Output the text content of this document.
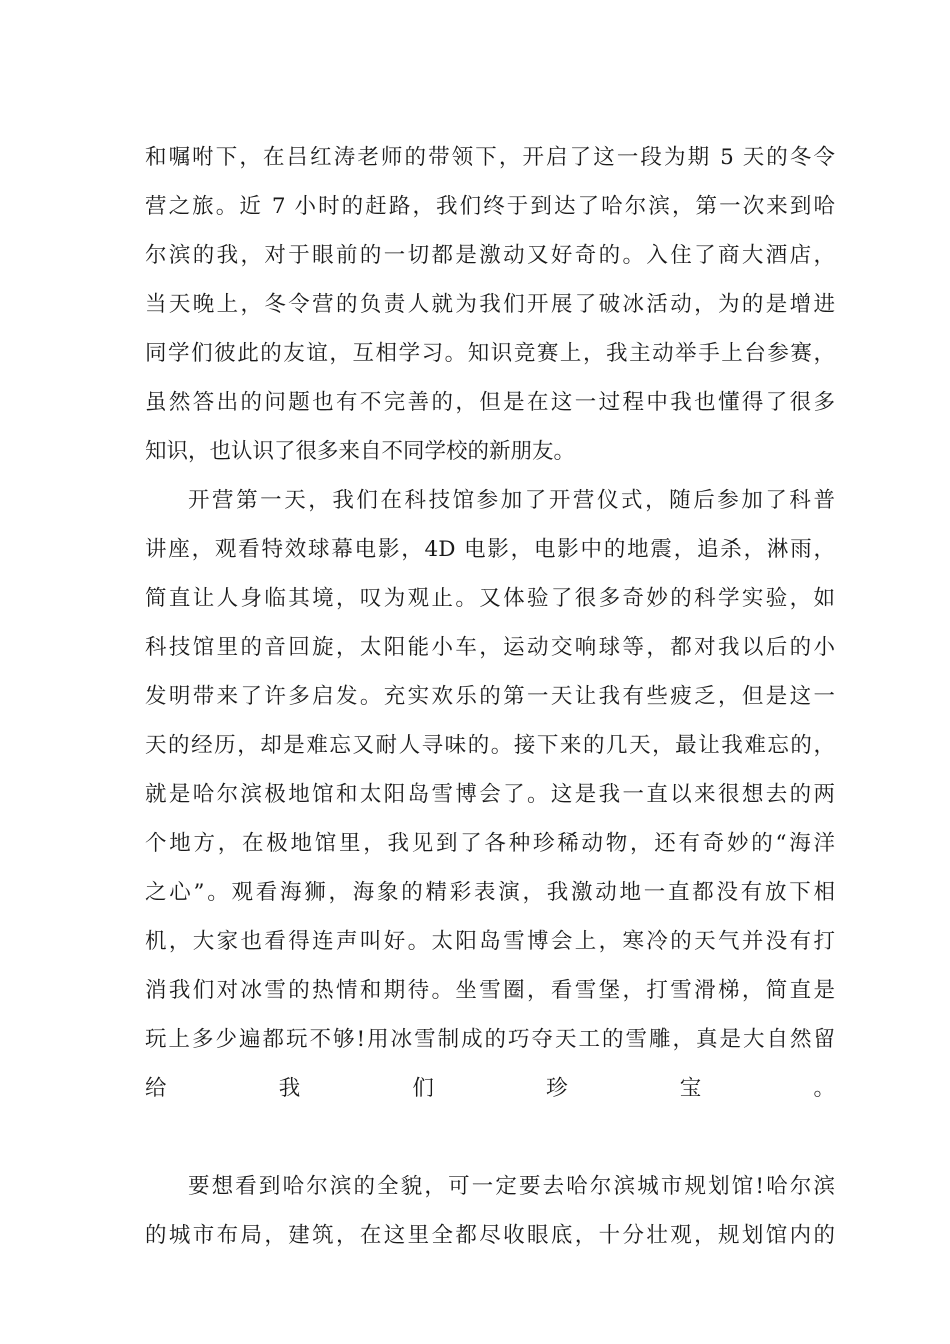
和嘱咐下，在吕红涛老师的带领下，开启了这一段为期 5 天的冬令
营之旅。近 7 小时的赶路，我们终于到达了哈尔滨，第一次来到哈
尔滨的我，对于眼前的一切都是激动又好奇的。入住了商大酒店，
当天晚上，冬令营的负责人就为我们开展了破冰活动，为的是增进
同学们彼此的友谊，互相学习。知识竞赛上，我主动举手上台参赛，
虽然答出的问题也有不完善的，但是在这一过程中我也懂得了很多
知识，也认识了很多来自不同学校的新朋友。
开营第一天，我们在科技馆参加了开营仪式，随后参加了科普
讲座，观看特效球幕电影，4D 电影，电影中的地震，追杀，淋雨，
简直让人身临其境，叹为观止。又体验了很多奇妙的科学实验，如
科技馆里的音回旋，太阳能小车，运动交响球等，都对我以后的小
发明带来了许多启发。充实欢乐的第一天让我有些疲乏，但是这一
天的经历，却是难忘又耐人寻味的。接下来的几天，最让我难忘的，
就是哈尔滨极地馆和太阳岛雪博会了。这是我一直以来很想去的两
个地方，在极地馆里，我见到了各种珍稀动物，还有奇妙的“海洋
之心”。观看海狮，海象的精彩表演，我激动地一直都没有放下相
机，大家也看得连声叫好。太阳岛雪博会上，寒冷的天气并没有打
消我们对冰雪的热情和期待。坐雪圈，看雪堡，打雪滑梯，简直是
玩上多少遍都玩不够!用冰雪制成的巧夺天工的雪雕，真是大自然留
给我们珍宝。
要想看到哈尔滨的全貌，可一定要去哈尔滨城市规划馆!哈尔滨
的城市布局，建筑，在这里全都尽收眼底，十分壮观，规划馆内的
